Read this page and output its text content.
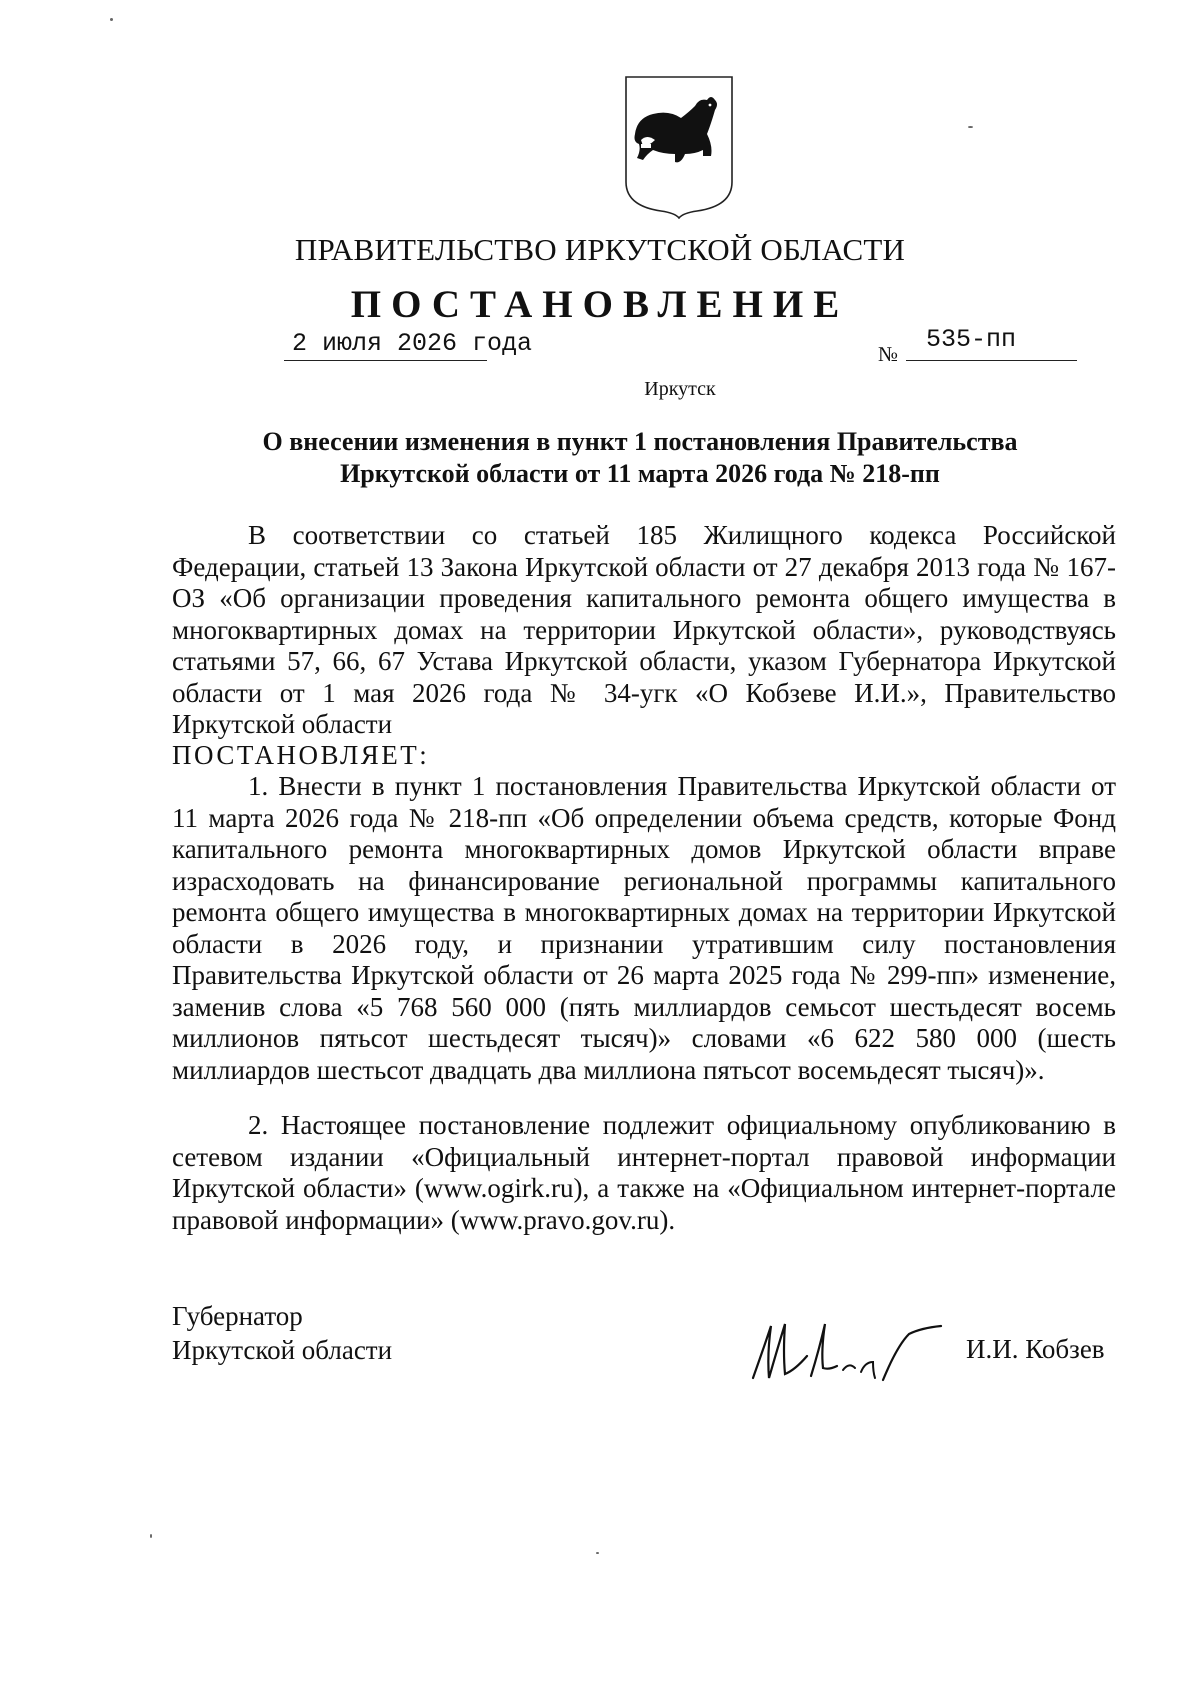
ПРАВИТЕЛЬСТВО ИРКУТСКОЙ ОБЛАСТИ
ПОСТАНОВЛЕНИЕ
2 июля 2026 года	№ 535-пп
Иркутск
О внесении изменения в пункт 1 постановления Правительства
Иркутской области от 11 марта 2026 года № 218-пп
В соответствии со статьей 185 Жилищного кодекса Российской Федерации, статьей 13 Закона Иркутской области от 27 декабря 2013 года № 167-ОЗ «Об организации проведения капитального ремонта общего имущества в многоквартирных домах на территории Иркутской области», руководствуясь статьями 57, 66, 67 Устава Иркутской области, указом Губернатора Иркутской области от 1 мая 2026 года № 34-угк «О Кобзеве И.И.», Правительство Иркутской области
ПОСТАНОВЛЯЕТ:
1. Внести в пункт 1 постановления Правительства Иркутской области от 11 марта 2026 года № 218-пп «Об определении объема средств, которые Фонд капитального ремонта многоквартирных домов Иркутской области вправе израсходовать на финансирование региональной программы капитального ремонта общего имущества в многоквартирных домах на территории Иркутской области в 2026 году, и признании утратившим силу постановления Правительства Иркутской области от 26 марта 2025 года № 299-пп» изменение, заменив слова «5 768 560 000 (пять миллиардов семьсот шестьдесят восемь миллионов пятьсот шестьдесят тысяч)» словами «6 622 580 000 (шесть миллиардов шестьсот двадцать два миллиона пятьсот восемьдесят тысяч)».
2. Настоящее постановление подлежит официальному опубликованию в сетевом издании «Официальный интернет-портал правовой информации Иркутской области» (www.ogirk.ru), а также на «Официальном интернет-портале правовой информации» (www.pravo.gov.ru).
Губернатор
Иркутской области	И.И. Кобзев
